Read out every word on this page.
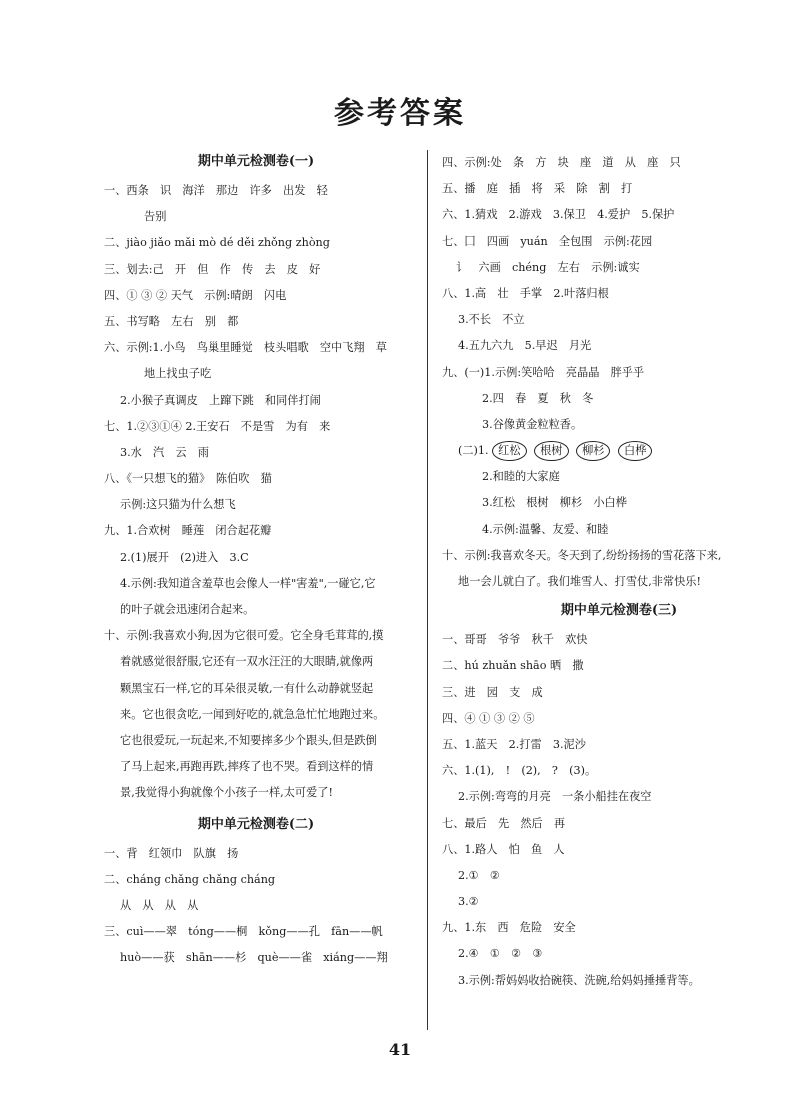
参考答案
期中单元检测卷(一)
一、西条　识　海洋　那边　许多　出发　轻
告别
二、jiào jiǎo mǎi mò dé děi zhǒng zhòng
三、划去:己　开　但　作　传　去　皮　好
四、① ③ ② 天气　示例:晴朗　闪电
五、书写略　左右　别　都
六、示例:1.小鸟　鸟巢里睡觉　枝头唱歌　空中飞翔　草
地上找虫子吃
2.小猴子真调皮　上蹿下跳　和同伴打闹
七、1.②③①④ 2.王安石　不是雪　为有　来
3.水　汽　云　雨
八、《一只想飞的猫》　陈伯吹　猫
示例:这只猫为什么想飞
九、1.合欢树　睡莲　闭合起花瓣
2.(1)展开　(2)进入　3.C
4.示例:我知道含羞草也会像人一样"害羞",一碰它,它
的叶子就会迅速闭合起来。
十、示例:我喜欢小狗,因为它很可爱。它全身毛茸茸的,摸
着就感觉很舒服,它还有一双水汪汪的大眼睛,就像两
颗黑宝石一样,它的耳朵很灵敏,一有什么动静就竖起
来。它也很贪吃,一闻到好吃的,就急急忙忙地跑过来。
它也很爱玩,一玩起来,不知要摔多少个跟头,但是跌倒
了马上起来,再跑再跌,摔疼了也不哭。看到这样的情
景,我觉得小狗就像个小孩子一样,太可爱了!
期中单元检测卷(二)
一、背　红领巾　队旗　扬
二、cháng chǎng chǎng cháng
从　从　从　从
三、cuì——翠　tóng——桐　kǒng——孔　fān——帆
huò——获　shān——杉　què——雀　xiáng——翔
四、示例:处　条　方　块　座　道　从　座　只
五、播　庭　插　将　采　除　割　打
六、1.猜戏　2.游戏　3.保卫　4.爱护　5.保护
七、囗　四画　yuán　全包围　示例:花园
讠　六画　chéng　左右　示例:诚实
八、1.高　壮　手掌　2.叶落归根
3.不长　不立
4.五九六九　5.早迟　月光
九、(一)1.示例:笑哈哈　亮晶晶　胖乎乎
2.四　春　夏　秋　冬
3.谷像黄金粒粒香。
(二)1. 红松 根树 柳杉 白桦
2.和睦的大家庭
3.红松　根树　柳杉　小白桦
4.示例:温馨、友爱、和睦
十、示例:我喜欢冬天。冬天到了,纷纷扬扬的雪花落下来,
地一会儿就白了。我们堆雪人、打雪仗,非常快乐!
期中单元检测卷(三)
一、哥哥　爷爷　秋千　欢快
二、hú zhuǎn shāo 晒　撒
三、进　园　支　成
四、④ ① ③ ② ⑤
五、1.蓝天　2.打雷　3.泥沙
六、1.(1),　!　(2),　?　(3)。
2.示例:弯弯的月亮　一条小船挂在夜空
七、最后　先　然后　再
八、1.路人　怕　鱼　人
2.①　②
3.②
九、1.东　西　危险　安全
2.④　①　②　③
3.示例:帮妈妈收拾碗筷、洗碗,给妈妈捶捶背等。
41
